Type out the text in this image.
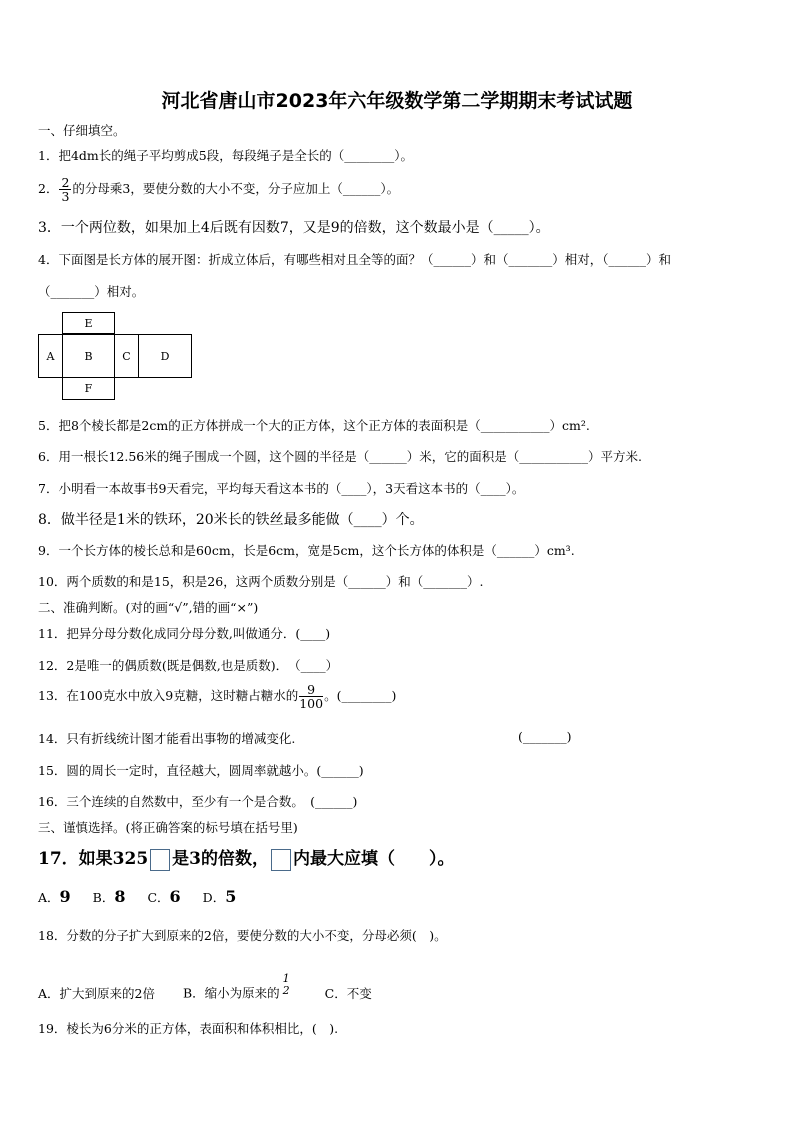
河北省唐山市2023年六年级数学第二学期期末考试试题
一、仔细填空。
1．把4dm长的绳子平均剪成5段，每段绳子是全长的（________）。
2． $\frac{2}{3}$ 的分母乘3，要使分数的大小不变，分子应加上（______）。
3．一个两位数，如果加上4后既有因数7，又是9的倍数，这个数最小是（_____）。
4．下面图是长方体的展开图：折成立体后，有哪些相对且全等的面？（______）和（_______）相对，（______）和
（_______）相对。
E
A	B	C	D
F
5．把8个棱长都是2cm的正方体拼成一个大的正方体，这个正方体的表面积是（___________）cm².
6．用一根长12.56米的绳子围成一个圆，这个圆的半径是（______）米，它的面积是（___________）平方米.
7．小明看一本故事书9天看完，平均每天看这本书的（____），3天看这本书的（____）。
8．做半径是1米的铁环，20米长的铁丝最多能做（____）个。
9．一个长方体的棱长总和是60cm，长是6cm，宽是5cm，这个长方体的体积是（______）cm³.
10．两个质数的和是15，积是26，这两个质数分别是（______）和（_______）.
二、准确判断。(对的画“√”,错的画“×”)
11．把异分母分数化成同分母分数,叫做通分．(____)
12．2是唯一的偶质数(既是偶数,也是质数)．　（____）
13．在100克水中放入9克糖，这时糖占糖水的 $\frac{9}{100}$ 。(________)
14．只有折线统计图才能看出事物的增减变化.	(_______)
15．圆的周长一定时，直径越大，圆周率就越小。(______)
16．三个连续的自然数中，至少有一个是合数。　(______)
三、谨慎选择。(将正确答案的标号填在括号里)
17．如果325 是3的倍数， 内最大应填（　　）。
A．9 B．8 C．6 D．5
18．分数的分子扩大到原来的2倍，要使分数的大小不变，分母必须(　)。
A．扩大到原来的2倍 B．缩小为原来的
1
2	C．不变
19．棱长为6分米的正方体，表面积和体积相比，(　).
